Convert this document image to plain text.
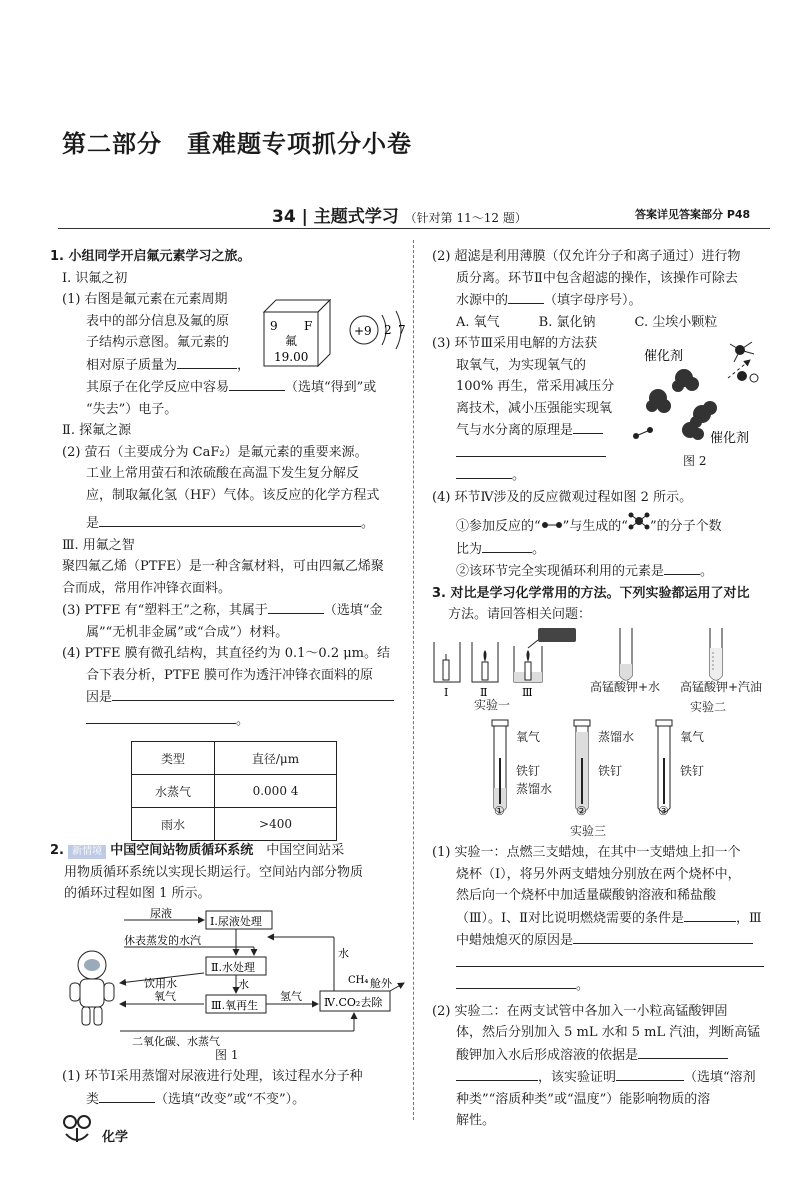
第二部分　重难题专项抓分小卷
34 | 主题式学习 （针对第 11～12 题）	答案详见答案部分 P48

1. 小组同学开启氟元素学习之旅。

Ⅰ. 识氟之初

(1) 右图是氟元素在元素周期

表中的部分信息及氟的原

子结构示意图。氟元素的

相对原子质量为	，

其原子在化学反应中容易	（选填“得到”或

“失去”）电子。

Ⅱ. 探氟之源

(2) 萤石（主要成分为 CaF₂）是氟元素的重要来源。

工业上常用萤石和浓硫酸在高温下发生复分解反

应，制取氟化氢（HF）气体。该反应的化学方程式

是	。

Ⅲ. 用氟之智

聚四氟乙烯（PTFE）是一种含氟材料，可由四氟乙烯聚

合而成，常用作冲锋衣面料。

(3) PTFE 有“塑料王”之称，其属于	（选填“金

属”“无机非金属”或“合成”）材料。

(4) PTFE 膜有微孔结构，其直径约为 0.1～0.2 μm。结

合下表分析，PTFE 膜可作为透汗冲锋衣面料的原

因是

。

9 F
氟
19.00
+9 2 7
类型	直径/μm
水蒸气	0.000 4
雨水	>400

2. 新情境 中国空间站物质循环系统　 中国空间站采

用物质循环系统以实现长期运行。空间站内部分物质

的循环过程如图 1 所示。

Ⅰ.尿液处理
Ⅱ.水处理
Ⅲ.氧再生	Ⅳ.CO₂去除
尿液
休表蒸发的水汽
饮用水	水
氧气	氢气
水
CH₄ 舱外
二氧化碳、水蒸气
图 1

(1) 环节Ⅰ采用蒸馏对尿液进行处理，该过程水分子种

类	（选填“改变”或“不变”）。

(2) 超滤是利用薄膜（仅允许分子和离子通过）进行物

质分离。环节Ⅱ中包含超滤的操作，该操作可除去

水源中的	（填字母序号）。

A. 氧气　　　B. 氯化钠　　　C. 尘埃小颗粒

(3) 环节Ⅲ采用电解的方法获

取氧气，为实现氧气的

100% 再生，常采用减压分

离技术，减小压强能实现氧

气与水分离的原理是

。

(4) 环节Ⅳ涉及的反应微观过程如图 2 所示。

①参加反应的“ ”与生成的“ ”的分子个数

比为	。

②该环节完全实现循环利用的元素是	。

3. 对比是学习化学常用的方法。下列实验都运用了对比

方法。请回答相关问题：

催化剂
催化剂
图 2
Ⅰ	Ⅱ	Ⅲ
实验一
高锰酸钾+水 高锰酸钾+汽油
实验二
氧气
铁钉
蒸馏水
蒸馏水
铁钉
氧气
铁钉
①	②	③
实验三

(1) 实验一：点燃三支蜡烛，在其中一支蜡烛上扣一个

烧杯（Ⅰ），将另外两支蜡烛分别放在两个烧杯中，

然后向一个烧杯中加适量碳酸钠溶液和稀盐酸

（Ⅲ）。Ⅰ、Ⅱ对比说明燃烧需要的条件是	，Ⅲ

中蜡烛熄灭的原因是

。

(2) 实验二：在两支试管中各加入一小粒高锰酸钾固

体，然后分别加入 5 mL 水和 5 mL 汽油，判断高锰

酸钾加入水后形成溶液的依据是

，该实验证明	（选填“溶剂

种类”“溶质种类”或“温度”）能影响物质的溶

解性。

化学
